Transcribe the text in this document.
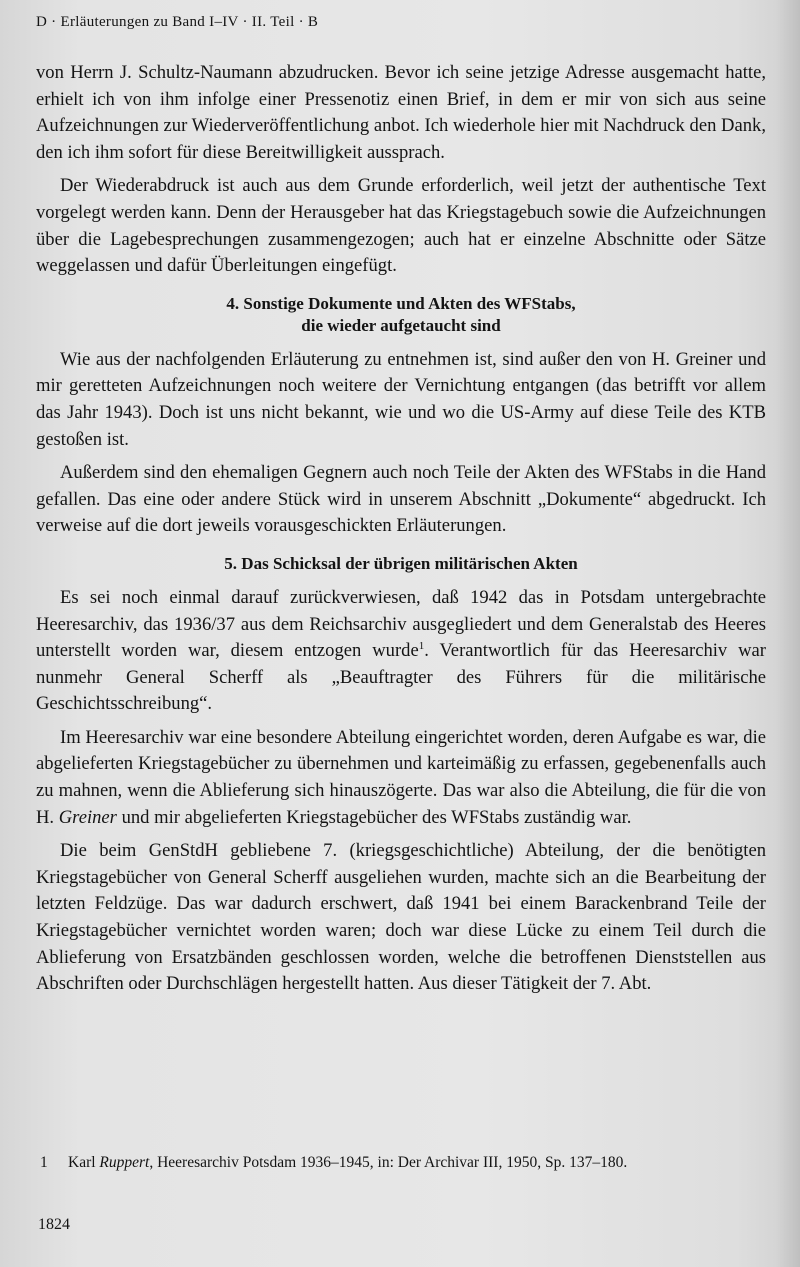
D · Erläuterungen zu Band I–IV · II. Teil · B

von Herrn J. Schultz-Naumann abzudrucken. Bevor ich seine jetzige Adresse ausgemacht hatte, erhielt ich von ihm infolge einer Pressenotiz einen Brief, in dem er mir von sich aus seine Aufzeichnungen zur Wiederveröffentlichung anbot. Ich wiederhole hier mit Nachdruck den Dank, den ich ihm sofort für diese Bereitwilligkeit aussprach.

Der Wiederabdruck ist auch aus dem Grunde erforderlich, weil jetzt der authentische Text vorgelegt werden kann. Denn der Herausgeber hat das Kriegstagebuch sowie die Aufzeichnungen über die Lagebesprechungen zusammengezogen; auch hat er einzelne Abschnitte oder Sätze weggelassen und dafür Überleitungen eingefügt.

4. Sonstige Dokumente und Akten des WFStabs,
die wieder aufgetaucht sind

Wie aus der nachfolgenden Erläuterung zu entnehmen ist, sind außer den von H. Greiner und mir geretteten Aufzeichnungen noch weitere der Vernichtung entgangen (das betrifft vor allem das Jahr 1943). Doch ist uns nicht bekannt, wie und wo die US-Army auf diese Teile des KTB gestoßen ist.

Außerdem sind den ehemaligen Gegnern auch noch Teile der Akten des WFStabs in die Hand gefallen. Das eine oder andere Stück wird in unserem Abschnitt „Dokumente“ abgedruckt. Ich verweise auf die dort jeweils vorausgeschickten Erläuterungen.

5. Das Schicksal der übrigen militärischen Akten

Es sei noch einmal darauf zurückverwiesen, daß 1942 das in Potsdam untergebrachte Heeresarchiv, das 1936/37 aus dem Reichsarchiv ausgegliedert und dem Generalstab des Heeres unterstellt worden war, diesem entzogen wurde$^1$. Verantwortlich für das Heeresarchiv war nunmehr General Scherff als „Beauftragter des Führers für die militärische Geschichtsschreibung“.

Im Heeresarchiv war eine besondere Abteilung eingerichtet worden, deren Aufgabe es war, die abgelieferten Kriegstagebücher zu übernehmen und karteimäßig zu erfassen, gegebenenfalls auch zu mahnen, wenn die Ablieferung sich hinauszögerte. Das war also die Abteilung, die für die von H. Greiner und mir abgelieferten Kriegstagebücher des WFStabs zuständig war.

Die beim GenStdH gebliebene 7. (kriegsgeschichtliche) Abteilung, der die benötigten Kriegstagebücher von General Scherff ausgeliehen wurden, machte sich an die Bearbeitung der letzten Feldzüge. Das war dadurch erschwert, daß 1941 bei einem Barackenbrand Teile der Kriegstagebücher vernichtet worden waren; doch war diese Lücke zu einem Teil durch die Ablieferung von Ersatzbänden geschlossen worden, welche die betroffenen Dienststellen aus Abschriften oder Durchschlägen hergestellt hatten. Aus dieser Tätigkeit der 7. Abt.

1	Karl Ruppert, Heeresarchiv Potsdam 1936–1945, in: Der Archivar III, 1950, Sp. 137–180.
1824
